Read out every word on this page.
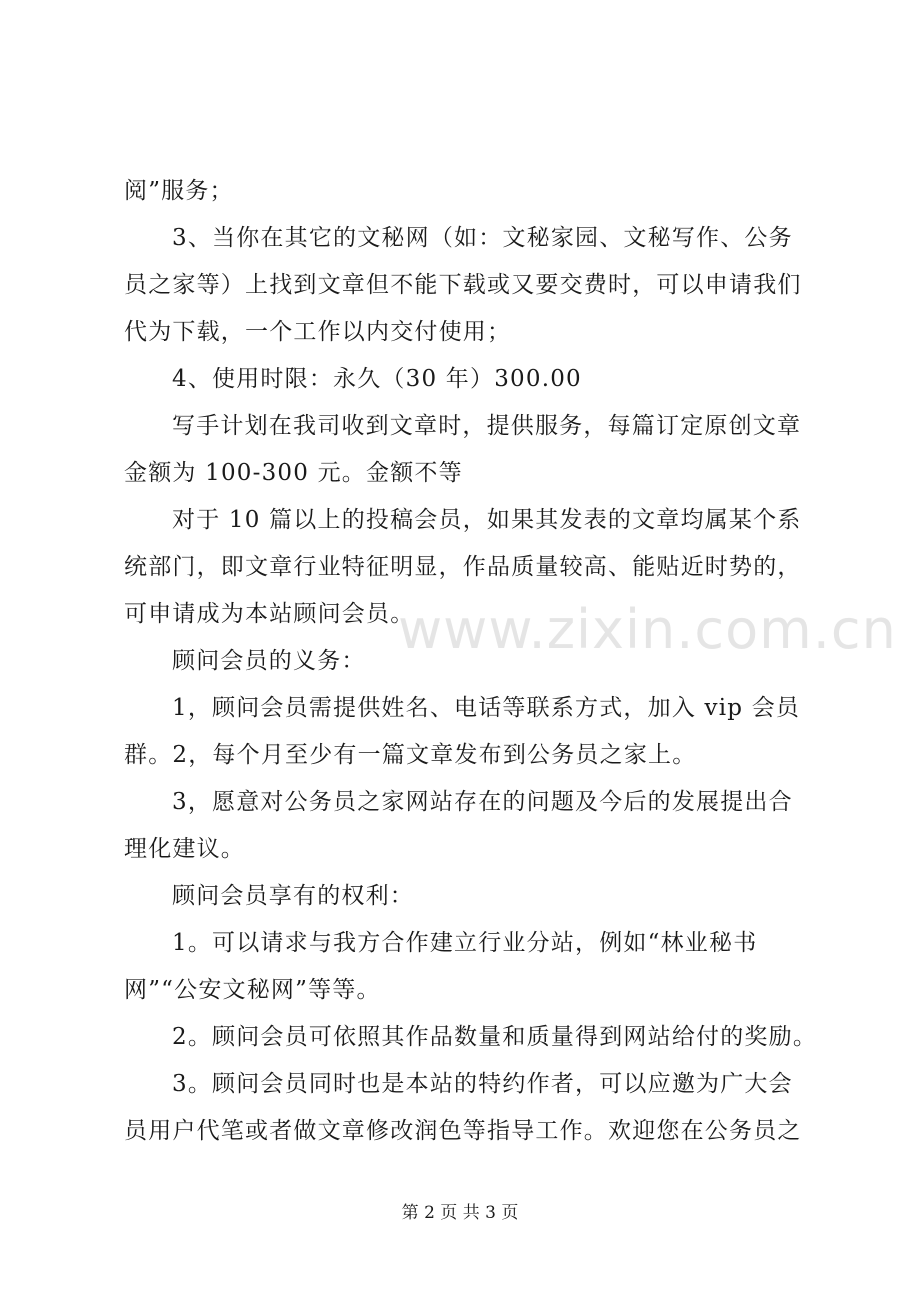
阅”服务；
3、当你在其它的文秘网（如：文秘家园、文秘写作、公务
员之家等）上找到文章但不能下载或又要交费时，可以申请我们
代为下载，一个工作以内交付使用；
4、使用时限：永久（30 年）300.00
写手计划在我司收到文章时，提供服务，每篇订定原创文章
金额为 100-300 元。金额不等
对于 10 篇以上的投稿会员，如果其发表的文章均属某个系
统部门，即文章行业特征明显，作品质量较高、能贴近时势的，
可申请成为本站顾问会员。
顾问会员的义务：
1，顾问会员需提供姓名、电话等联系方式，加入 vip 会员
群。2，每个月至少有一篇文章发布到公务员之家上。
3，愿意对公务员之家网站存在的问题及今后的发展提出合
理化建议。
顾问会员享有的权利：
1。可以请求与我方合作建立行业分站，例如“林业秘书
网”“公安文秘网”等等。
2。顾问会员可依照其作品数量和质量得到网站给付的奖励。
3。顾问会员同时也是本站的特约作者，可以应邀为广大会
员用户代笔或者做文章修改润色等指导工作。欢迎您在公务员之
www.zixin.com.cn
第 2 页 共 3 页
